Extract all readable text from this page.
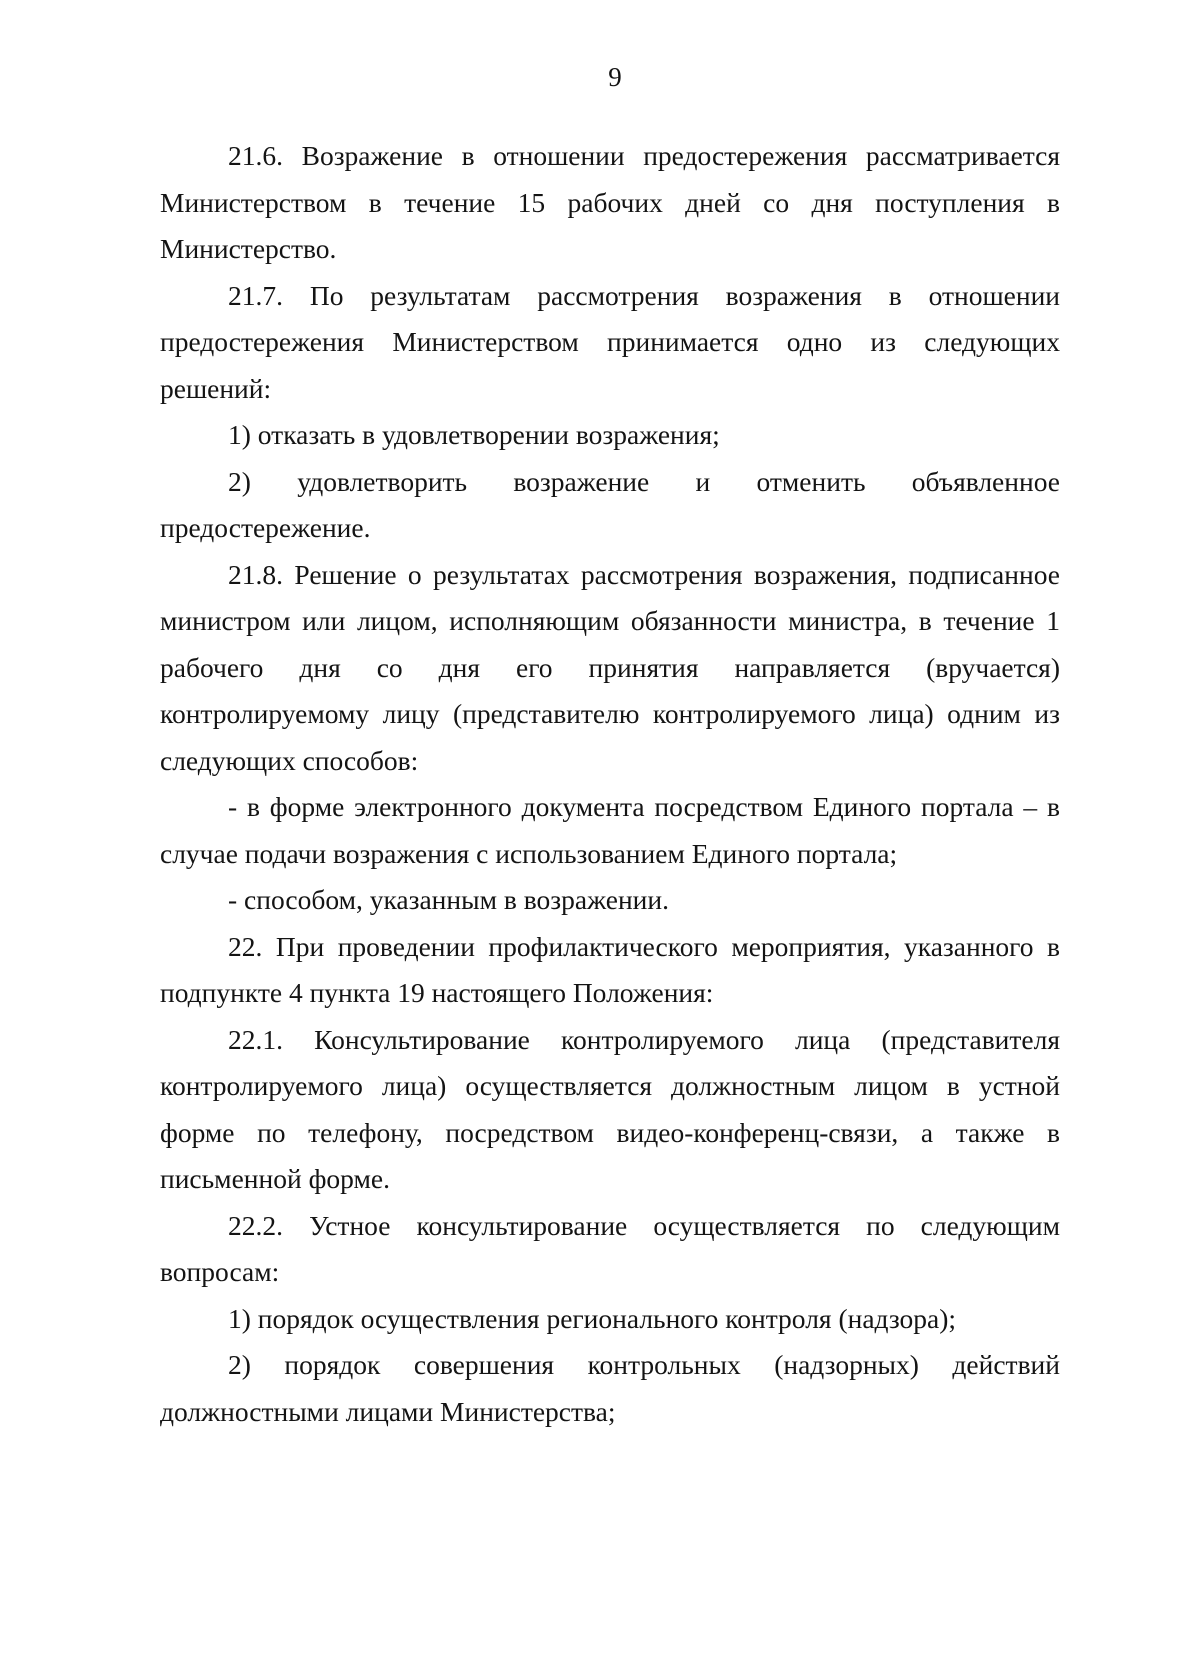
9

21.6. Возражение в отношении предостережения рассматривается Министерством в течение 15 рабочих дней со дня поступления в Министерство.

21.7. По результатам рассмотрения возражения в отношении предостережения Министерством принимается одно из следующих решений:

1) отказать в удовлетворении возражения;

2) удовлетворить возражение и отменить объявленное предостережение.

21.8. Решение о результатах рассмотрения возражения, подписанное министром или лицом, исполняющим обязанности министра, в течение 1 рабочего дня со дня его принятия направляется (вручается) контролируемому лицу (представителю контролируемого лица) одним из следующих способов:

- в форме электронного документа посредством Единого портала – в случае подачи возражения с использованием Единого портала;

- способом, указанным в возражении.

22. При проведении профилактического мероприятия, указанного в подпункте 4 пункта 19 настоящего Положения:

22.1. Консультирование контролируемого лица (представителя контролируемого лица) осуществляется должностным лицом в устной форме по телефону, посредством видео-конференц-связи, а также в письменной форме.

22.2. Устное консультирование осуществляется по следующим вопросам:

1) порядок осуществления регионального контроля (надзора);

2) порядок совершения контрольных (надзорных) действий должностными лицами Министерства;
